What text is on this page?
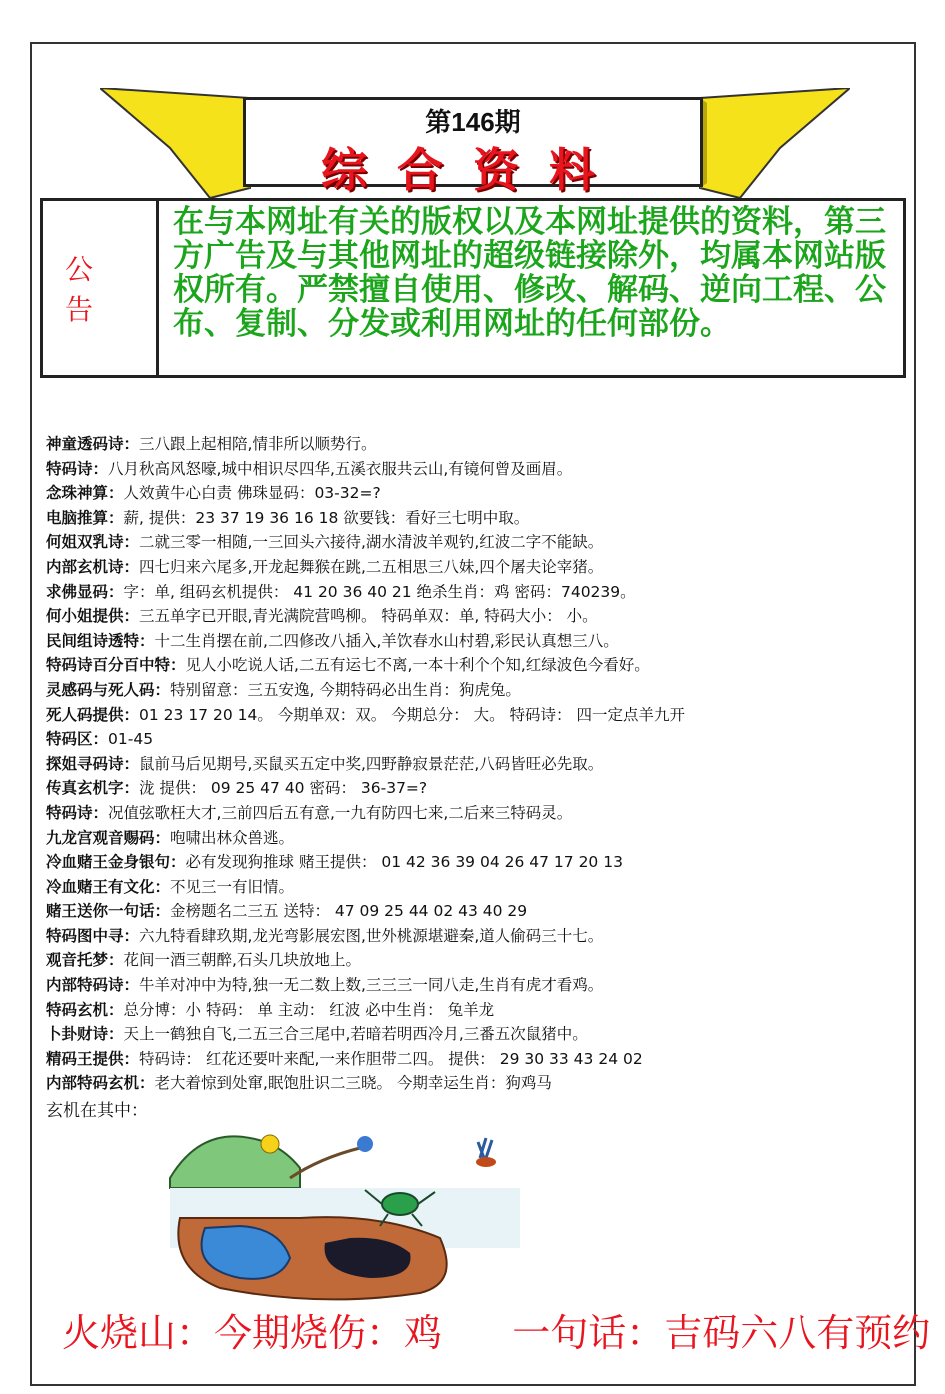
第146期
综合资料
公告
在与本网址有关的版权以及本网址提供的资料，第三方广告及与其他网址的超级链接除外，均属本网站版权所有。严禁擅自使用、修改、解码、逆向工程、公布、复制、分发或利用网址的任何部份。
神童透码诗：三八跟上起相陪,情非所以顺势行。
特码诗：八月秋高风怒嚎,城中相识尽四华,五溪衣服共云山,有镜何曾及画眉。
念珠神算：人效黄牛心白责 佛珠显码：03-32=?
电脑推算：薪, 提供：23 37 19 36 16 18 欲要钱：看好三七明中取。
何姐双乳诗：二就三零一相随,一三回头六接待,湖水清波羊观钓,红波二字不能缺。
内部玄机诗：四七归来六尾多,开龙起舞猴在跳,二五相思三八妹,四个屠夫论宰猪。
求佛显码：字：单, 组码玄机提供： 41 20 36 40 21 绝杀生肖：鸡 密码：740239。
何小姐提供：三五单字已开眼,青光满院营鸣柳。 特码单双：单, 特码大小： 小。
民间组诗透特：十二生肖摆在前,二四修改八插入,羊饮春水山村碧,彩民认真想三八。
特码诗百分百中特：见人小吃说人话,二五有运七不离,一本十利个个知,红绿波色今看好。
灵感码与死人码：特别留意：三五安逸, 今期特码必出生肖：狗虎兔。
死人码提供：01 23 17 20 14。 今期单双：双。 今期总分： 大。 特码诗： 四一定点羊九开
特码区：01-45
探姐寻码诗：鼠前马后见期号,买鼠买五定中奖,四野静寂景茫茫,八码皆旺必先取。
传真玄机字：泷 提供： 09 25 47 40 密码： 36-37=?
特码诗：况值弦歌枉大才,三前四后五有意,一九有防四七来,二后来三特码灵。
九龙宫观音赐码：咆啸出林众兽逃。
冷血赌王金身银句：必有发现狗推球 赌王提供： 01 42 36 39 04 26 47 17 20 13
冷血赌王有文化：不见三一有旧情。
赌王送你一句话：金榜题名二三五 送特： 47 09 25 44 02 43 40 29
特码图中寻：六九特看肆玖期,龙光弯影展宏图,世外桃源堪避秦,道人偷码三十七。
观音托梦：花间一酒三朝醉,石头几块放地上。
内部特码诗：牛羊对冲中为特,独一无二数上数,三三三一同八走,生肖有虎才看鸡。
特码玄机：总分博：小 特码： 单 主动： 红波 必中生肖： 兔羊龙
卜卦财诗：天上一鹤独自飞,二五三合三尾中,若暗若明西冷月,三番五次鼠猪中。
精码王提供：特码诗： 红花还要叶来配,一来作胆带二四。 提供： 29 30 33 43 24 02
内部特码玄机：老大着惊到处窜,眠饱肚识二三晓。 今期幸运生肖：狗鸡马
玄机在其中：
火烧山：今期烧伤：鸡 一句话：吉码六八有预约
